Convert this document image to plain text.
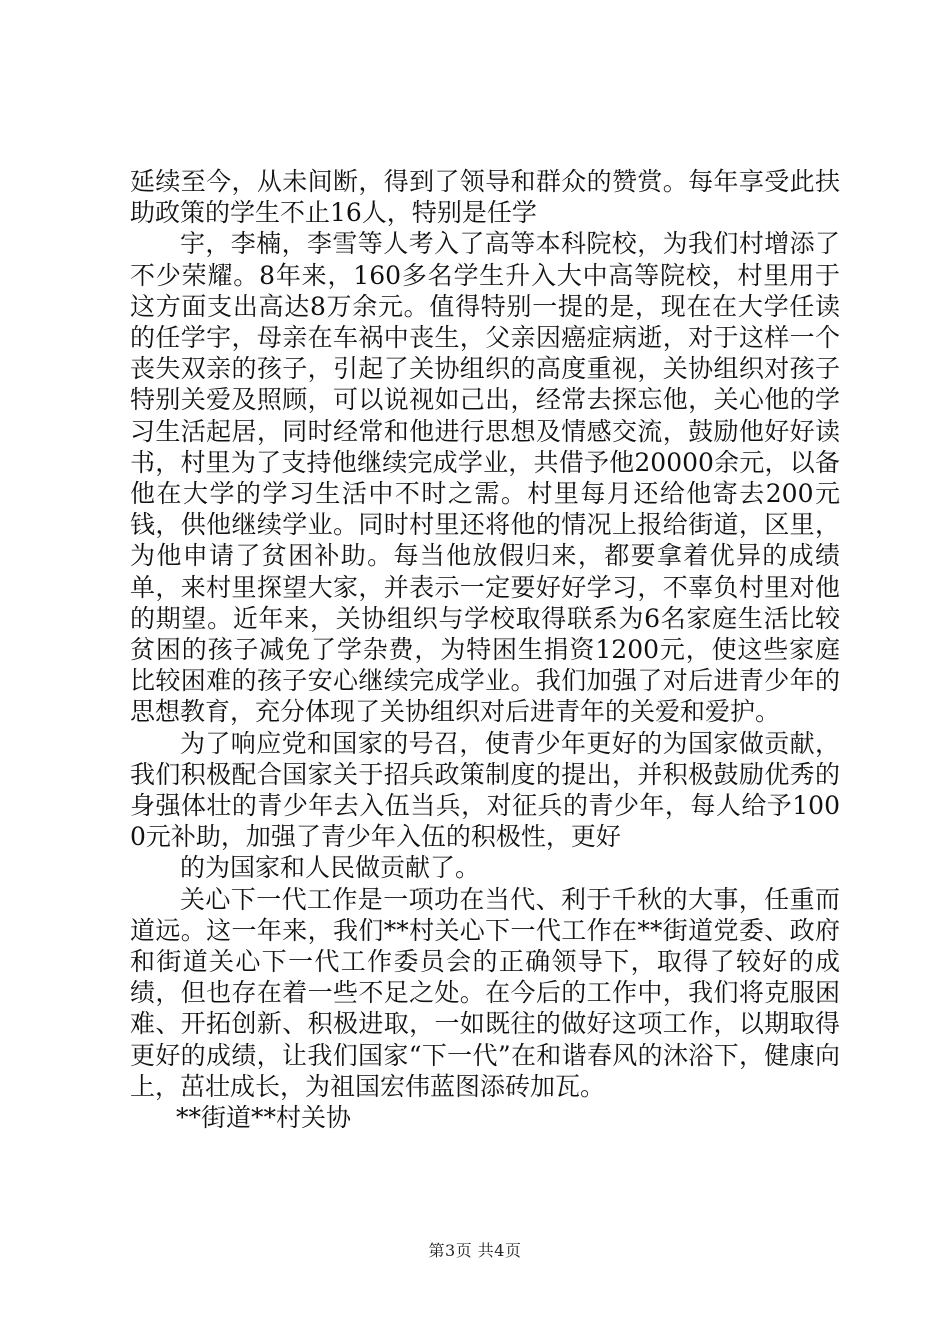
延续至今，从未间断，得到了领导和群众的赞赏。每年享受此扶助政策的学生不止16人，特别是任学

宇，李楠，李雪等人考入了高等本科院校，为我们村增添了不少荣耀。8年来，160多名学生升入大中高等院校，村里用于这方面支出高达8万余元。值得特别一提的是，现在在大学任读的任学宇，母亲在车祸中丧生，父亲因癌症病逝，对于这样一个丧失双亲的孩子，引起了关协组织的高度重视，关协组织对孩子特别关爱及照顾，可以说视如己出，经常去探忘他，关心他的学习生活起居，同时经常和他进行思想及情感交流，鼓励他好好读书，村里为了支持他继续完成学业，共借予他20000余元，以备他在大学的学习生活中不时之需。村里每月还给他寄去200元钱，供他继续学业。同时村里还将他的情况上报给街道，区里，为他申请了贫困补助。每当他放假归来，都要拿着优异的成绩单，来村里探望大家，并表示一定要好好学习，不辜负村里对他的期望。近年来，关协组织与学校取得联系为6名家庭生活比较贫困的孩子减免了学杂费，为特困生捐资1200元，使这些家庭比较困难的孩子安心继续完成学业。我们加强了对后进青少年的思想教育，充分体现了关协组织对后进青年的关爱和爱护。

为了响应党和国家的号召，使青少年更好的为国家做贡献，我们积极配合国家关于招兵政策制度的提出，并积极鼓励优秀的身强体壮的青少年去入伍当兵，对征兵的青少年，每人给予1000元补助，加强了青少年入伍的积极性，更好

的为国家和人民做贡献了。

关心下一代工作是一项功在当代、利于千秋的大事，任重而道远。这一年来，我们**村关心下一代工作在**街道党委、政府和街道关心下一代工作委员会的正确领导下，取得了较好的成绩，但也存在着一些不足之处。在今后的工作中，我们将克服困难、开拓创新、积极进取，一如既往的做好这项工作，以期取得更好的成绩，让我们国家“下一代”在和谐春风的沐浴下，健康向上，茁壮成长，为祖国宏伟蓝图添砖加瓦。

**街道**村关协

第3页 共4页
